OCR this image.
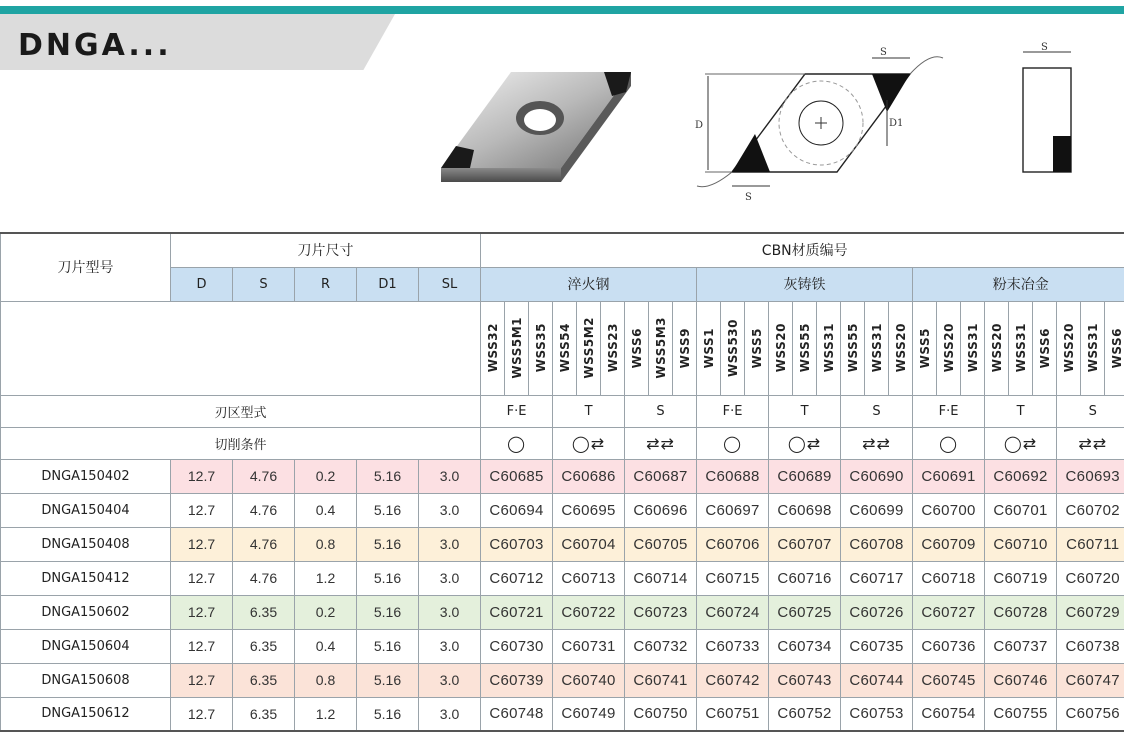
DNGA...
D	D1
S
S
S
刀片型号	刀片尺寸					CBN材质编号																										
	D	S	R	D1	SL	淬火钢									灰铸铁									粉末冶金								

						WSS32	WSS5M1	WSS35	WSS54	WSS5M2	WSS23	WSS6	WSS5M3	WSS9	WSS1	WSS530	WSS5	WSS20	WSS55	WSS31	WSS55	WSS31	WSS20	WSS5	WSS20	WSS31	WSS20	WSS31	WSS6	WSS20	WSS31	WSS6

刃区型式						F·E			T			S			F·E			T			S			F·E			T			S		
切削条件						◯			◯⇄			⇄⇄			◯			◯⇄			⇄⇄			◯			◯⇄			⇄⇄		
DNGA150402	12.7	4.76	0.2	5.16	3.0	C60685			C60686			C60687			C60688			C60689			C60690			C60691			C60692			C60693		
DNGA150404	12.7	4.76	0.4	5.16	3.0	C60694			C60695			C60696			C60697			C60698			C60699			C60700			C60701			C60702		
DNGA150408	12.7	4.76	0.8	5.16	3.0	C60703			C60704			C60705			C60706			C60707			C60708			C60709			C60710			C60711		
DNGA150412	12.7	4.76	1.2	5.16	3.0	C60712			C60713			C60714			C60715			C60716			C60717			C60718			C60719			C60720		
DNGA150602	12.7	6.35	0.2	5.16	3.0	C60721			C60722			C60723			C60724			C60725			C60726			C60727			C60728			C60729		
DNGA150604	12.7	6.35	0.4	5.16	3.0	C60730			C60731			C60732			C60733			C60734			C60735			C60736			C60737			C60738		
DNGA150608	12.7	6.35	0.8	5.16	3.0	C60739			C60740			C60741			C60742			C60743			C60744			C60745			C60746			C60747		
DNGA150612	12.7	6.35	1.2	5.16	3.0	C60748			C60749			C60750			C60751			C60752			C60753			C60754			C60755			C60756		
